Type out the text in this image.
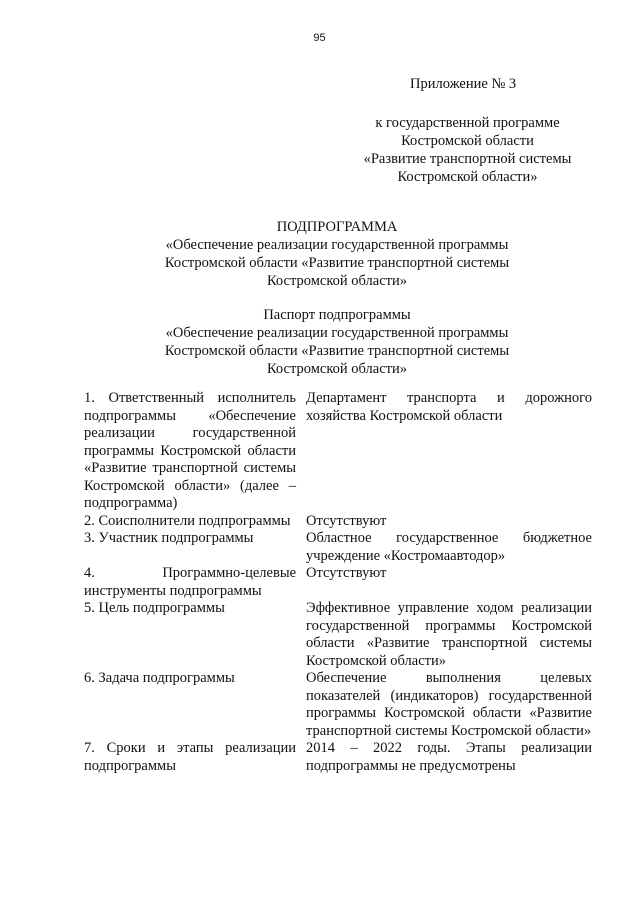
95
Приложение № 3
к государственной программе
Костромской области
«Развитие транспортной системы
Костромской области»
ПОДПРОГРАММА
«Обеспечение реализации государственной программы
Костромской области «Развитие транспортной системы
Костромской области»
Паспорт подпрограммы
«Обеспечение реализации государственной программы
Костромской области «Развитие транспортной системы
Костромской области»
1. Ответственный исполнитель подпрограммы «Обеспечение реализации государственной программы Костромской области «Развитие транспортной системы Костромской области» (далее – подпрограмма)	Департамент транспорта и дорожного хозяйства Костромской области
2. Соисполнители подпрограммы	Отсутствуют
3. Участник подпрограммы	Областное государственное бюджетное учреждение «Костромаавтодор»
4. Программно-целевые инструменты подпрограммы	Отсутствуют
5. Цель подпрограммы	Эффективное управление ходом реализации государственной программы Костромской области «Развитие транспортной системы Костромской области»
6. Задача подпрограммы	Обеспечение выполнения целевых показателей (индикаторов) государственной программы Костромской области «Развитие транспортной системы Костромской области»
7. Сроки и этапы реализации подпрограммы	2014 – 2022 годы. Этапы реализации подпрограммы не предусмотрены
